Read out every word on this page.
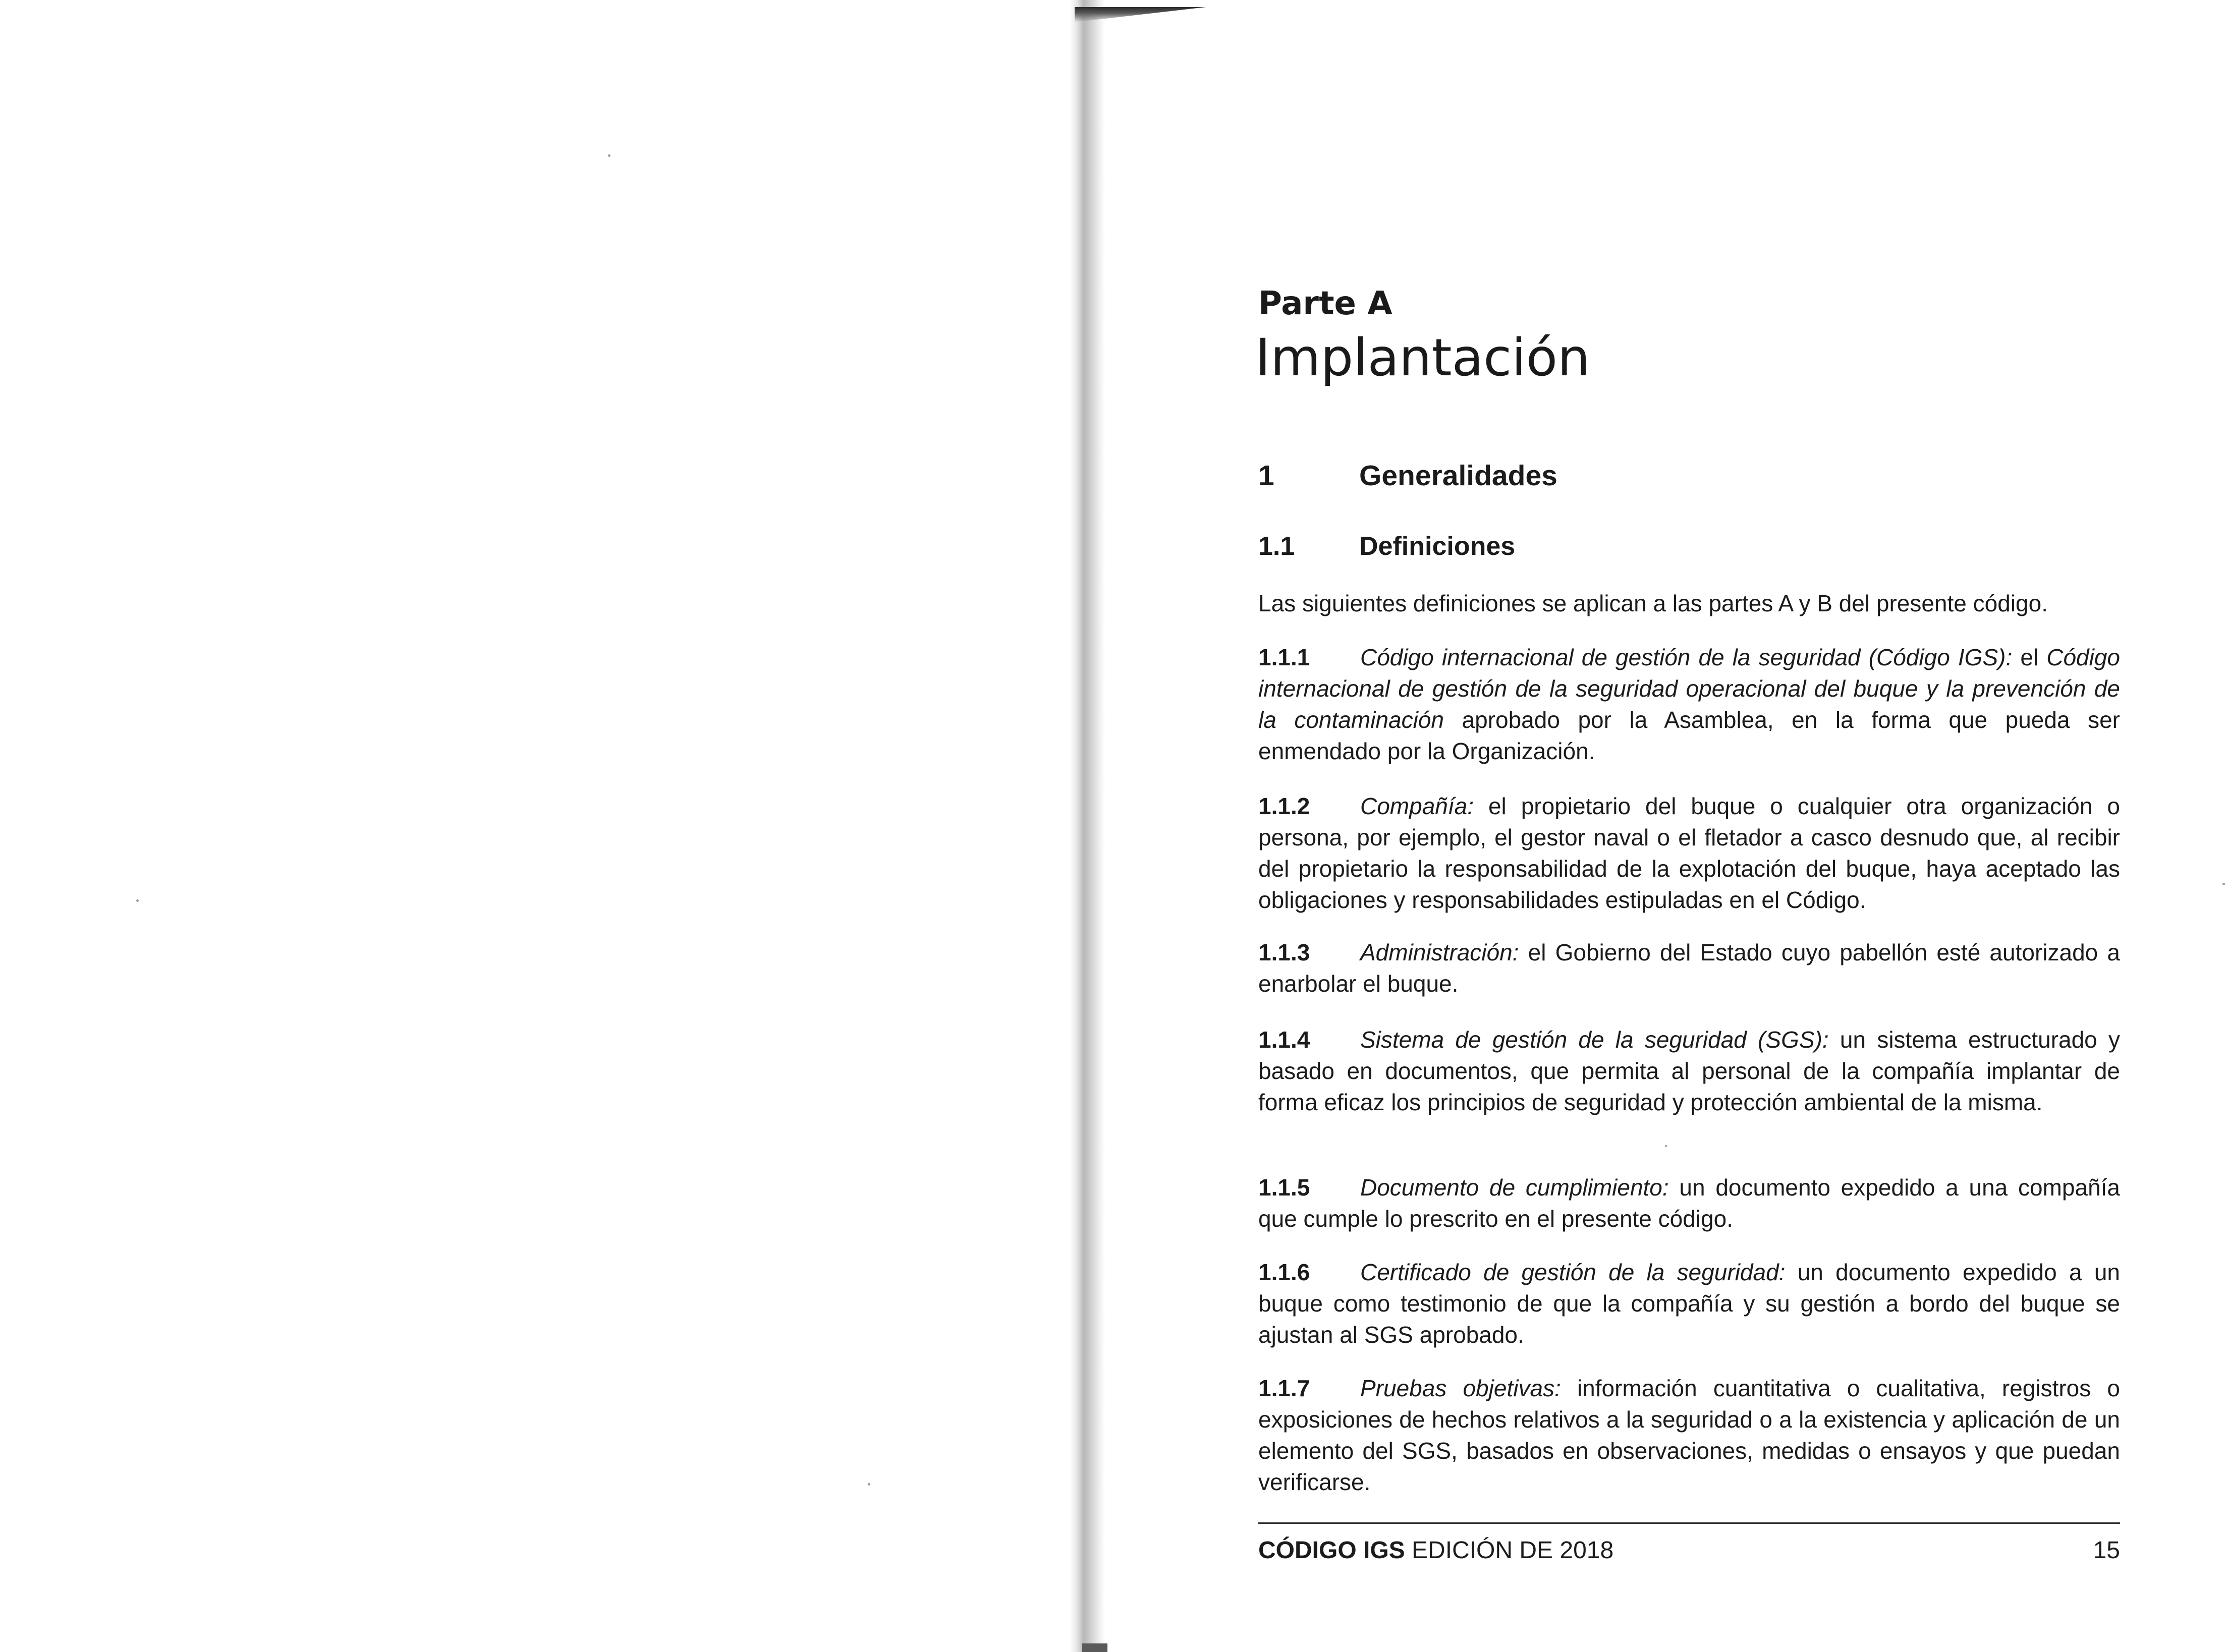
Parte A
Implantación
1	Generalidades
1.1 Definiciones
Las siguientes definiciones se aplican a las partes A y B del presente código.
1.1.1 Código internacional de gestión de la seguridad (Código IGS): el Código internacional de gestión de la seguridad operacional del buque y la prevención de la contaminación aprobado por la Asamblea, en la forma que pueda ser enmendado por la Organización.
1.1.2 Compañía: el propietario del buque o cualquier otra organización o persona, por ejemplo, el gestor naval o el fletador a casco desnudo que, al recibir del propietario la responsabilidad de la explotación del buque, haya aceptado las obligaciones y responsabilidades estipuladas en el Código.
1.1.3 Administración: el Gobierno del Estado cuyo pabellón esté autorizado a enarbolar el buque.
1.1.4 Sistema de gestión de la seguridad (SGS): un sistema estructurado y basado en documentos, que permita al personal de la compañía implantar de forma eficaz los principios de seguridad y protección ambiental de la misma.
1.1.5 Documento de cumplimiento: un documento expedido a una compañía que cumple lo prescrito en el presente código.
1.1.6 Certificado de gestión de la seguridad: un documento expedido a un buque como testimonio de que la compañía y su gestión a bordo del buque se ajustan al SGS aprobado.
1.1.7 Pruebas objetivas: información cuantitativa o cualitativa, registros o exposiciones de hechos relativos a la seguridad o a la existencia y aplicación de un elemento del SGS, basados en observaciones, medidas o ensayos y que puedan verificarse.
CÓDIGO IGS EDICIÓN DE 2018	15
